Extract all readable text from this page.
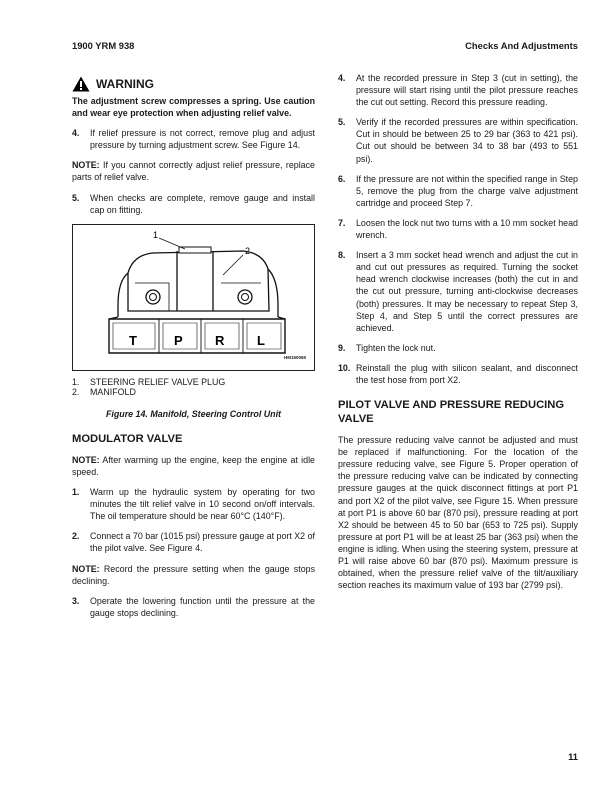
1900 YRM 938	Checks And Adjustments
WARNING
The adjustment screw compresses a spring. Use caution and wear eye protection when adjusting relief valve.
4.	If relief pressure is not correct, remove plug and adjust pressure by turning adjustment screw. See Figure 14.
NOTE: If you cannot correctly adjust relief pressure, replace parts of relief valve.
5.	When checks are complete, remove gauge and install cap on fitting.
1
2
T	P R	L
HM150065
1.	STEERING RELIEF VALVE PLUG
2.	MANIFOLD
Figure 14. Manifold, Steering Control Unit
MODULATOR VALVE
NOTE: After warming up the engine, keep the engine at idle speed.
1.	Warm up the hydraulic system by operating for two minutes the tilt relief valve in 10 second on/off intervals. The oil temperature should be near 60°C (140°F).
2.	Connect a 70 bar (1015 psi) pressure gauge at port X2 of the pilot valve. See Figure 4.
NOTE: Record the pressure setting when the gauge stops declining.
3.	Operate the lowering function until the pressure at the gauge stops declining.
4.	At the recorded pressure in Step 3 (cut in setting), the pressure will start rising until the pilot pressure reaches the cut out setting. Record this pressure reading.
5.	Verify if the recorded pressures are within specification. Cut in should be between 25 to 29 bar (363 to 421 psi). Cut out should be between 34 to 38 bar (493 to 551 psi).
6.	If the pressure are not within the specified range in Step 5, remove the plug from the charge valve adjustment cartridge and proceed Step 7.
7.	Loosen the lock nut two turns with a 10 mm socket head wrench.
8.	Insert a 3 mm socket head wrench and adjust the cut in and cut out pressures as required. Turning the socket head wrench clockwise increases (both) the cut in and the cut out pressure, turning anti-clockwise decreases (both) pressures. It may be necessary to repeat Step 3, Step 4, and Step 5 until the correct pressures are achieved.
9.	Tighten the lock nut.
10. Reinstall the plug with silicon sealant, and disconnect the test hose from port X2.
PILOT VALVE AND PRESSURE REDUCING VALVE
The pressure reducing valve cannot be adjusted and must be replaced if malfunctioning. For the location of the pressure reducing valve, see Figure 5. Proper operation of the pressure reducing valve can be indicated by connecting pressure gauges at the quick disconnect fittings at port P1 and port X2 of the pilot valve, see Figure 15. When pressure at port P1 is above 60 bar (870 psi), pressure reading at port X2 should be between 45 to 50 bar (653 to 725 psi). Supply pressure at port P1 will be at least 25 bar (363 psi) when the engine is idling. When using the steering system, pressure at P1 will raise above 60 bar (870 psi). Maximum pressure is obtained, when the pressure relief valve of the tilt/auxiliary section reaches its maximum value of 193 bar (2799 psi).
11
